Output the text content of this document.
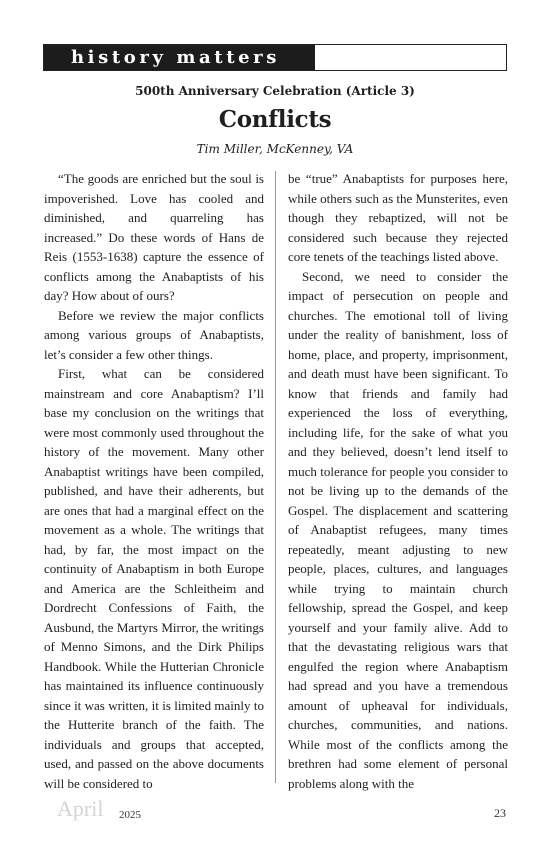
history matters
500th Anniversary Celebration (Article 3)
Conflicts
Tim Miller, McKenney, VA

“The goods are enriched but the soul is impoverished. Love has cooled and diminished, and quarreling has increased.” Do these words of Hans de Reis (1553-1638) capture the essence of conflicts among the Anabaptists of his day? How about of ours?

Before we review the major conflicts among various groups of Anabaptists, let’s consider a few other things.

First, what can be considered mainstream and core Anabaptism? I’ll base my conclusion on the writings that were most commonly used throughout the history of the movement. Many other Anabaptist writings have been compiled, published, and have their adherents, but are ones that had a marginal effect on the movement as a whole. The writings that had, by far, the most impact on the continuity of Anabaptism in both Europe and America are the Schleitheim and Dordrecht Confessions of Faith, the Ausbund, the Martyrs Mirror, the writings of Menno Simons, and the Dirk Philips Handbook. While the Hutterian Chronicle has maintained its influence continuously since it was written, it is limited mainly to the Hutterite branch of the faith. The individuals and groups that accepted, used, and passed on the above documents will be considered to

be “true” Anabaptists for purposes here, while others such as the Munsterites, even though they rebaptized, will not be considered such because they rejected core tenets of the teachings listed above.

Second, we need to consider the impact of persecution on people and churches. The emotional toll of living under the reality of banishment, loss of home, place, and property, imprisonment, and death must have been significant. To know that friends and family had experienced the loss of everything, including life, for the sake of what you and they believed, doesn’t lend itself to much tolerance for people you consider to not be living up to the demands of the Gospel. The displacement and scattering of Anabaptist refugees, many times repeatedly, meant adjusting to new people, places, cultures, and languages while trying to maintain church fellowship, spread the Gospel, and keep yourself and your family alive. Add to that the devastating religious wars that engulfed the region where Anabaptism had spread and you have a tremendous amount of upheaval for individuals, churches, communities, and nations. While most of the conflicts among the brethren had some element of personal problems along with the

April 2025	23
